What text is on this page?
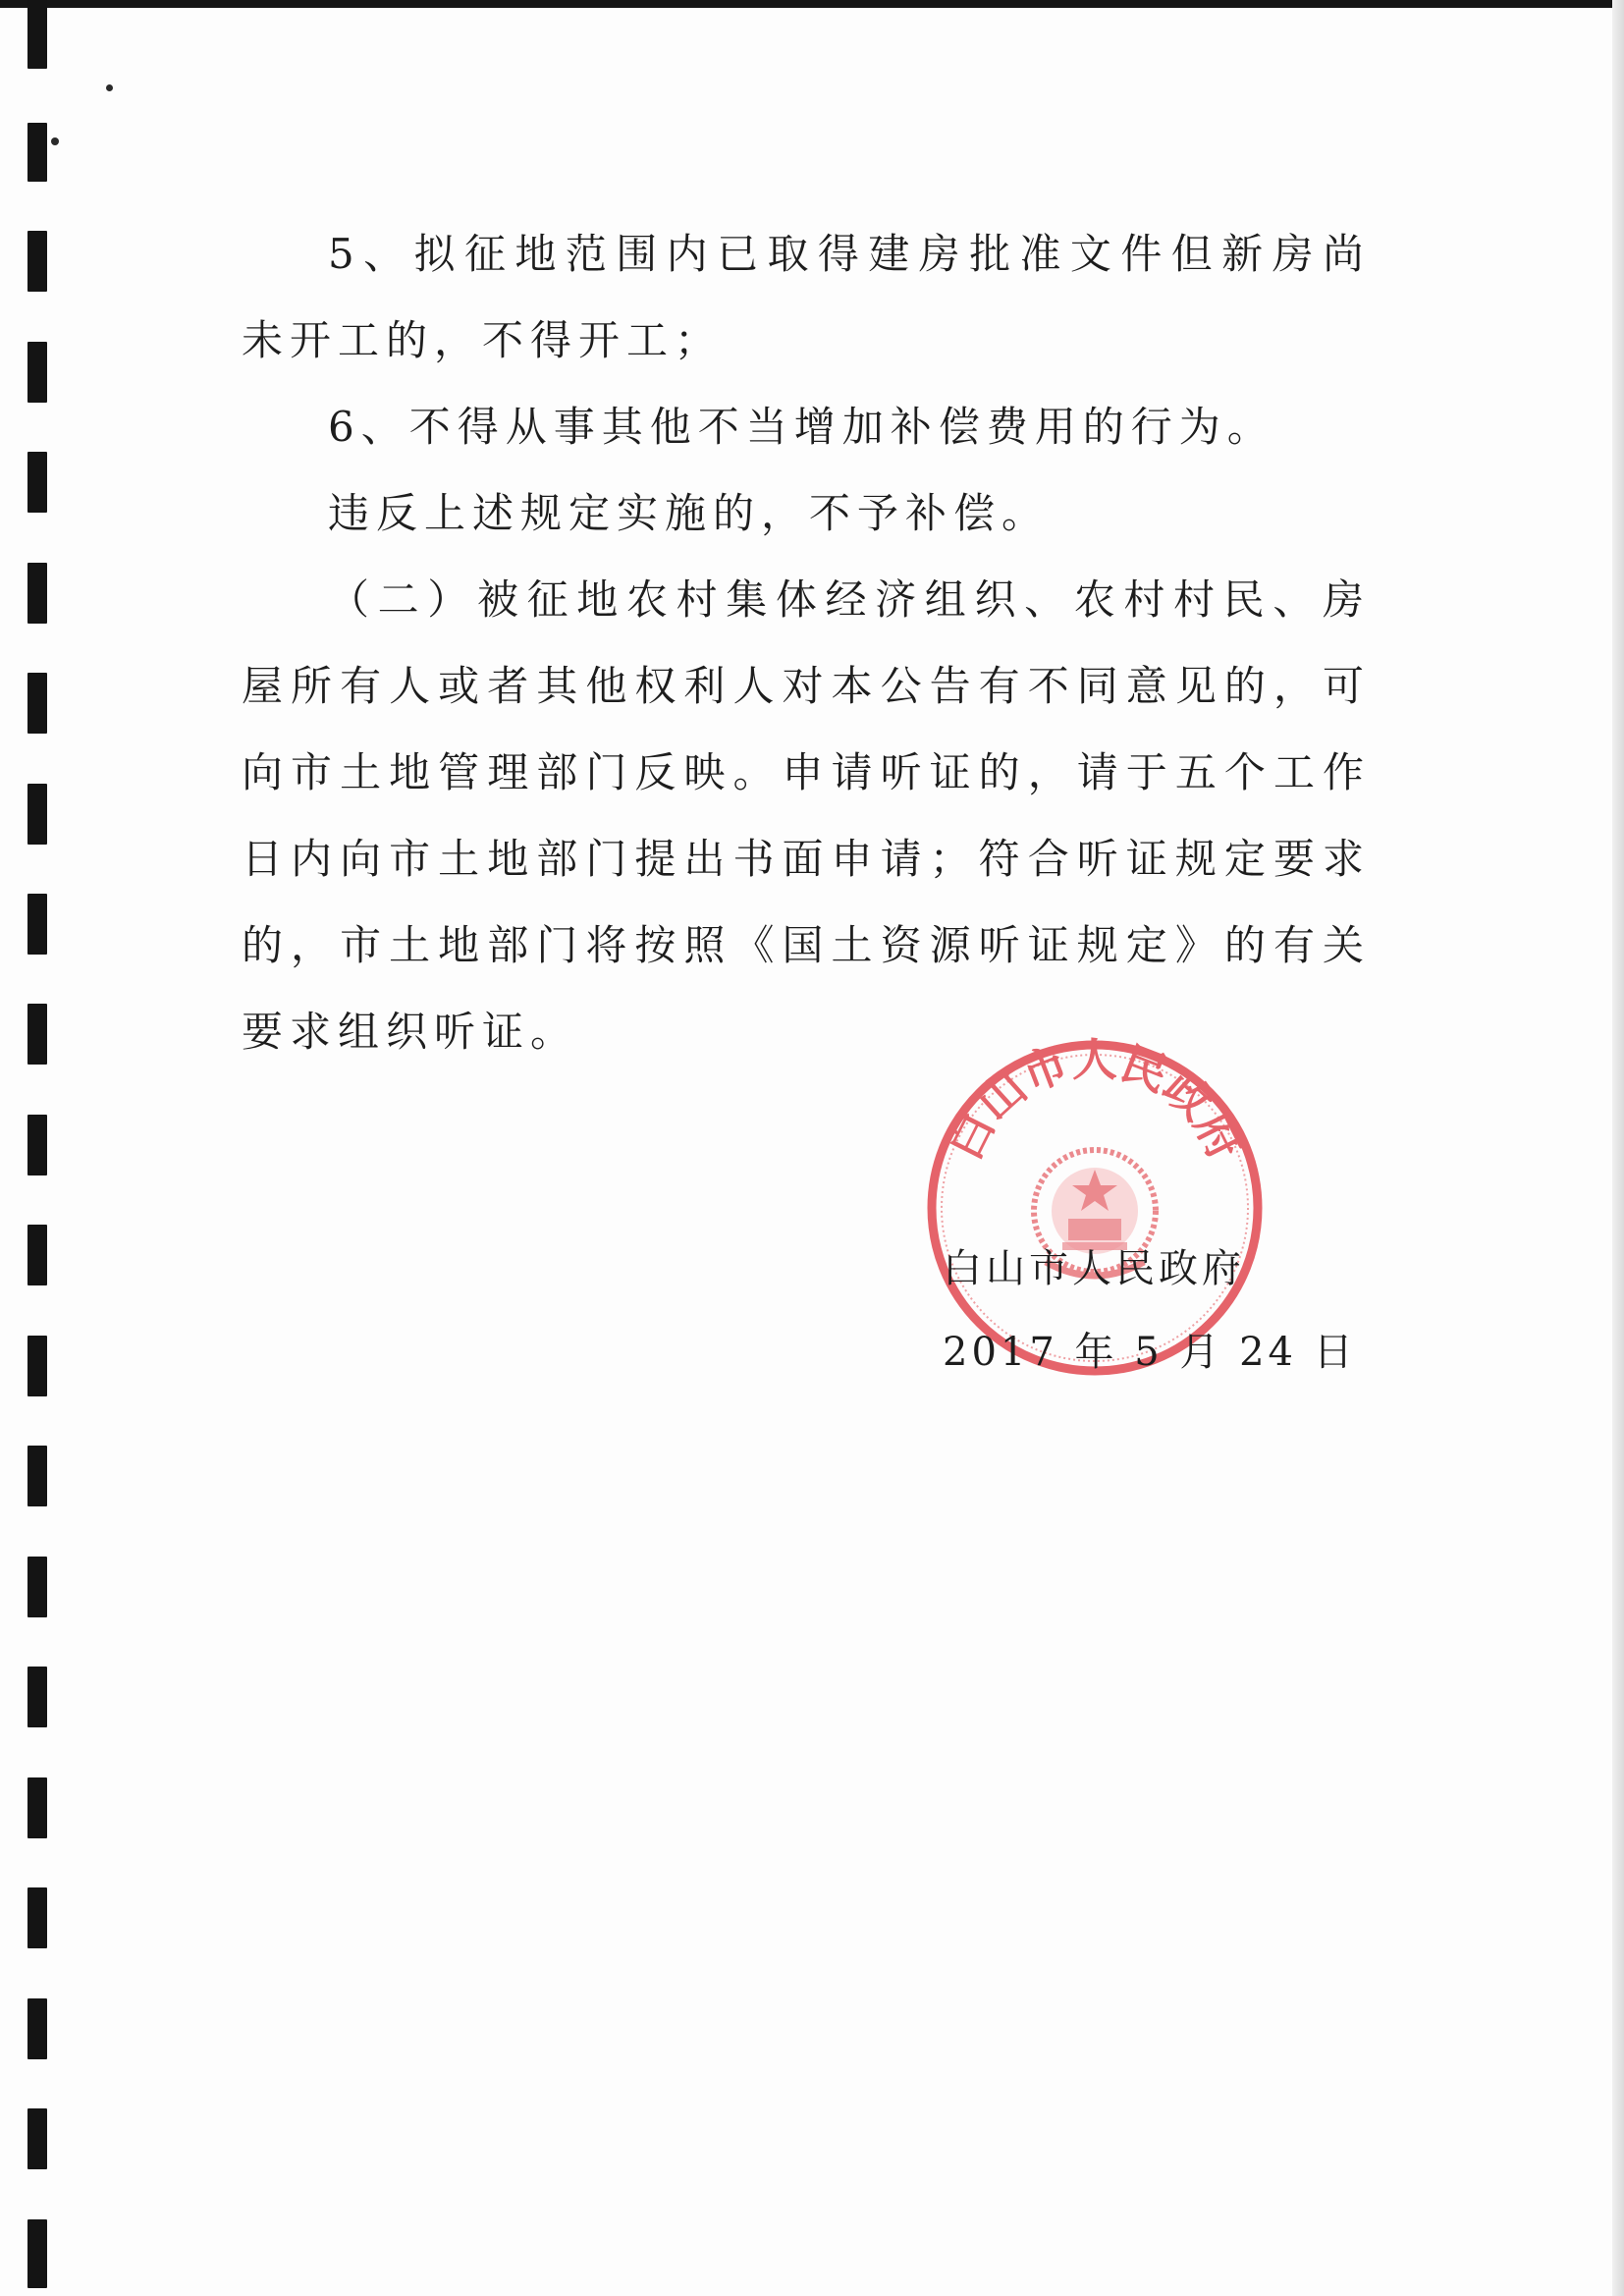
5、拟征地范围内已取得建房批准文件但新房尚未开工的，不得开工；

6、不得从事其他不当增加补偿费用的行为。

违反上述规定实施的，不予补偿。

（二）被征地农村集体经济组织、农村村民、房屋所有人或者其他权利人对本公告有不同意见的，可向市土地管理部门反映。申请听证的，请于五个工作日内向市土地部门提出书面申请；符合听证规定要求的，市土地部门将按照《国土资源听证规定》的有关要求组织听证。

白山市人民政府
白山市人民政府
2017 年 5 月 24 日
